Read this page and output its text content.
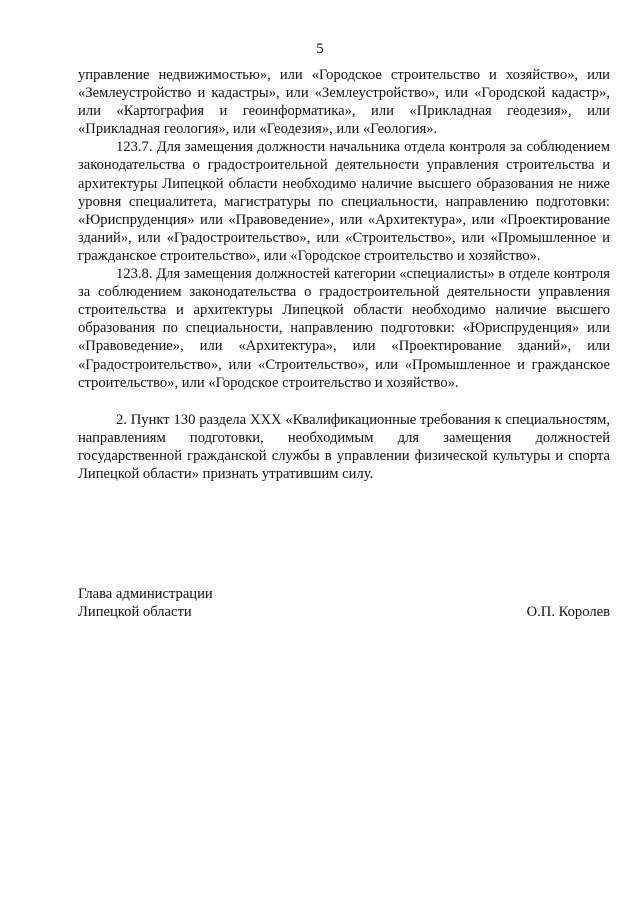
5

управление недвижимостью», или «Городское строительство и хозяйство», или «Землеустройство и кадастры», или «Землеустройство», или «Городской кадастр», или «Картография и геоинформатика», или «Прикладная геодезия», или «Прикладная геология», или «Геодезия», или «Геология».

123.7. Для замещения должности начальника отдела контроля за соблюдением законодательства о градостроительной деятельности управления строительства и архитектуры Липецкой области необходимо наличие высшего образования не ниже уровня специалитета, магистратуры по специальности, направлению подготовки: «Юриспруденция» или «Правоведение», или «Архитектура», или «Проектирование зданий», или «Градостроительство», или «Строительство», или «Промышленное и гражданское строительство», или «Городское строительство и хозяйство».

123.8. Для замещения должностей категории «специалисты» в отделе контроля за соблюдением законодательства о градостроительной деятельности управления строительства и архитектуры Липецкой области необходимо наличие высшего образования по специальности, направлению подготовки: «Юриспруденция» или «Правоведение», или «Архитектура», или «Проектирование зданий», или «Градостроительство», или «Строительство», или «Промышленное и гражданское строительство», или «Городское строительство и хозяйство».

2. Пункт 130 раздела XXX «Квалификационные требования к специальностям, направлениям подготовки, необходимым для замещения должностей государственной гражданской службы в управлении физической культуры и спорта Липецкой области» признать утратившим силу.

Глава администрации
Липецкой области	О.П. Королев
